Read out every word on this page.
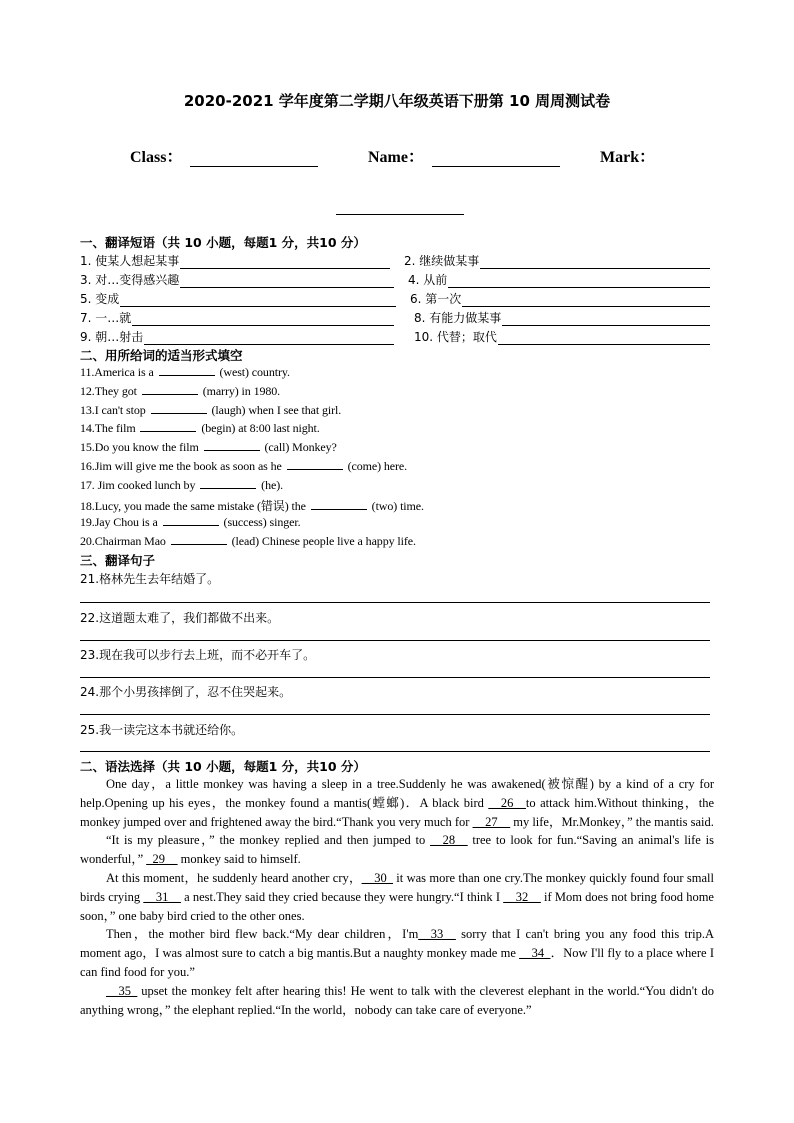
2020-2021 学年度第二学期八年级英语下册第 10 周周测试卷
Class：	Name：	Mark：
一、翻译短语（共 10 小题，每题1 分，共10 分）
1. 使某人想起某事	2. 继续做某事
3. 对…变得感兴趣	4. 从前
5. 变成	6. 第一次
7. 一…就	8. 有能力做某事
9. 朝…射击	10. 代替；取代
二、用所给词的适当形式填空
11.America is a	(west) country.
12.They got	(marry) in 1980.
13.I can't stop	(laugh) when I see that girl.
14.The film	(begin) at 8:00 last night.
15.Do you know the film	(call) Monkey?
16.Jim will give me the book as soon as he	(come) here.
17. Jim cooked lunch by	(he).
18.Lucy, you made the same mistake (错误) the	(two) time.
19.Jay Chou is a	(success) singer.
20.Chairman Mao	(lead) Chinese people live a happy life.
三、翻译句子
21.格林先生去年结婚了。
22.这道题太难了，我们都做不出来。
23.现在我可以步行去上班，而不必开车了。
24.那个小男孩摔倒了，忍不住哭起来。
25.我一读完这本书就还给你。
二、语法选择（共 10 小题，每题1 分，共10 分）

One day，a little monkey was having a sleep in a tree.Suddenly he was awakened(被惊醒) by a kind of a cry for help.Opening up his eyes，the monkey found a mantis(螳螂)．A black bird __26__to attack him.Without thinking，the monkey jumped over and frightened away the bird.“Thank you very much for __27__ my life，Mr.Monkey，” the mantis said.

“It is my pleasure，” the monkey replied and then jumped to __28__ tree to look for fun.“Saving an animal's life is wonderful，” _29__ monkey said to himself.

At this moment，he suddenly heard another cry，__30_ it was more than one cry.The monkey quickly found four small birds crying __31__ a nest.They said they cried because they were hungry.“I think I __32__ if Mom does not bring food home soon，” one baby bird cried to the other ones.

Then，the mother bird flew back.“My dear children，I'm__33__ sorry that I can't bring you any food this trip.A moment ago，I was almost sure to catch a big mantis.But a naughty monkey made me __34_．Now I'll fly to a place where I can find food for you.”

__35_ upset the monkey felt after hearing this! He went to talk with the cleverest elephant in the world.“You didn't do anything wrong，” the elephant replied.“In the world，nobody can take care of everyone.”
